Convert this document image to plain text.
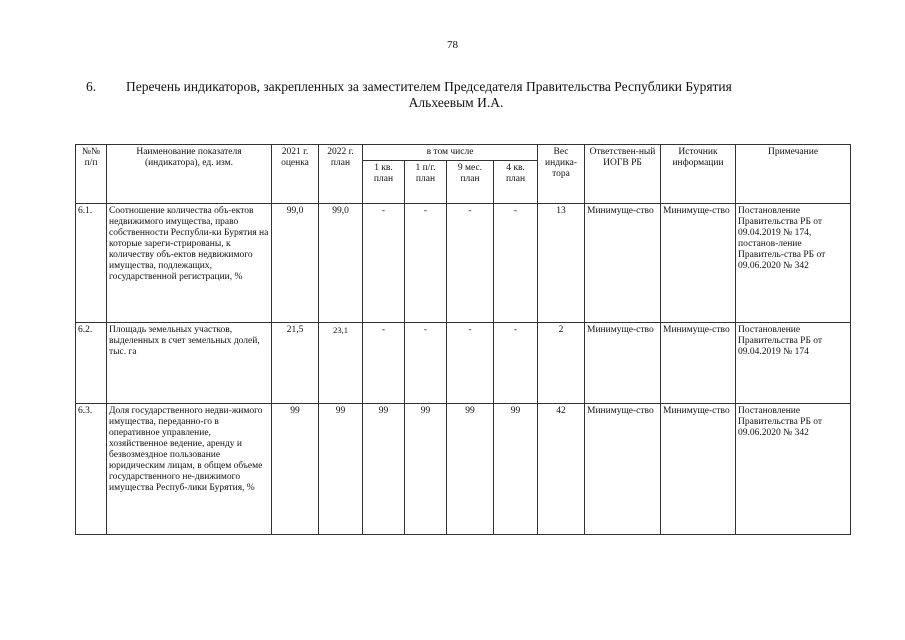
78
6. Перечень индикаторов, закрепленных за заместителем Председателя Правительства Республики Бурятия
Альхеевым И.А.
№№ п/п	Наименование показателя (индикатора), ед. изм.	2021 г. оценка	2022 г. план	в том числе				Вес индика-тора	Ответствен-ный ИОГВ РБ	Источник информации	Примечание
				1 кв. план	1 п/г. план	9 мес. план	4 кв. план				
6.1.	Соотношение количества объ-ектов недвижимого имущества, право собственности Республи-ки Бурятия на которые зареги-стрированы, к количеству объ-ектов недвижимого имущества, подлежащих, государственной регистрации, %	99,0	99,0	-	-	-	-	13	Минимуще-ство	Минимуще-ство	Постановление Правительства РБ от 09.04.2019 № 174, постанов-ление Правитель-ства РБ от 09.06.2020 № 342
6.2.	Площадь земельных участков, выделенных в счет земельных долей, тыс. га	21,5	23,1	-	-	-	-	2	Минимуще-ство	Минимуще-ство	Постановление Правительства РБ от 09.04.2019 № 174
6.3.	Доля государственного недви-жимого имущества, переданно-го в оперативное управление, хозяйственное ведение, аренду и безвозмездное пользование юридическим лицам, в общем объеме государственного не-движимого имущества Респуб-лики Бурятия, %	99	99	99	99	99	99	42	Минимуще-ство	Минимуще-ство	Постановление Правительства РБ от 09.06.2020 № 342
